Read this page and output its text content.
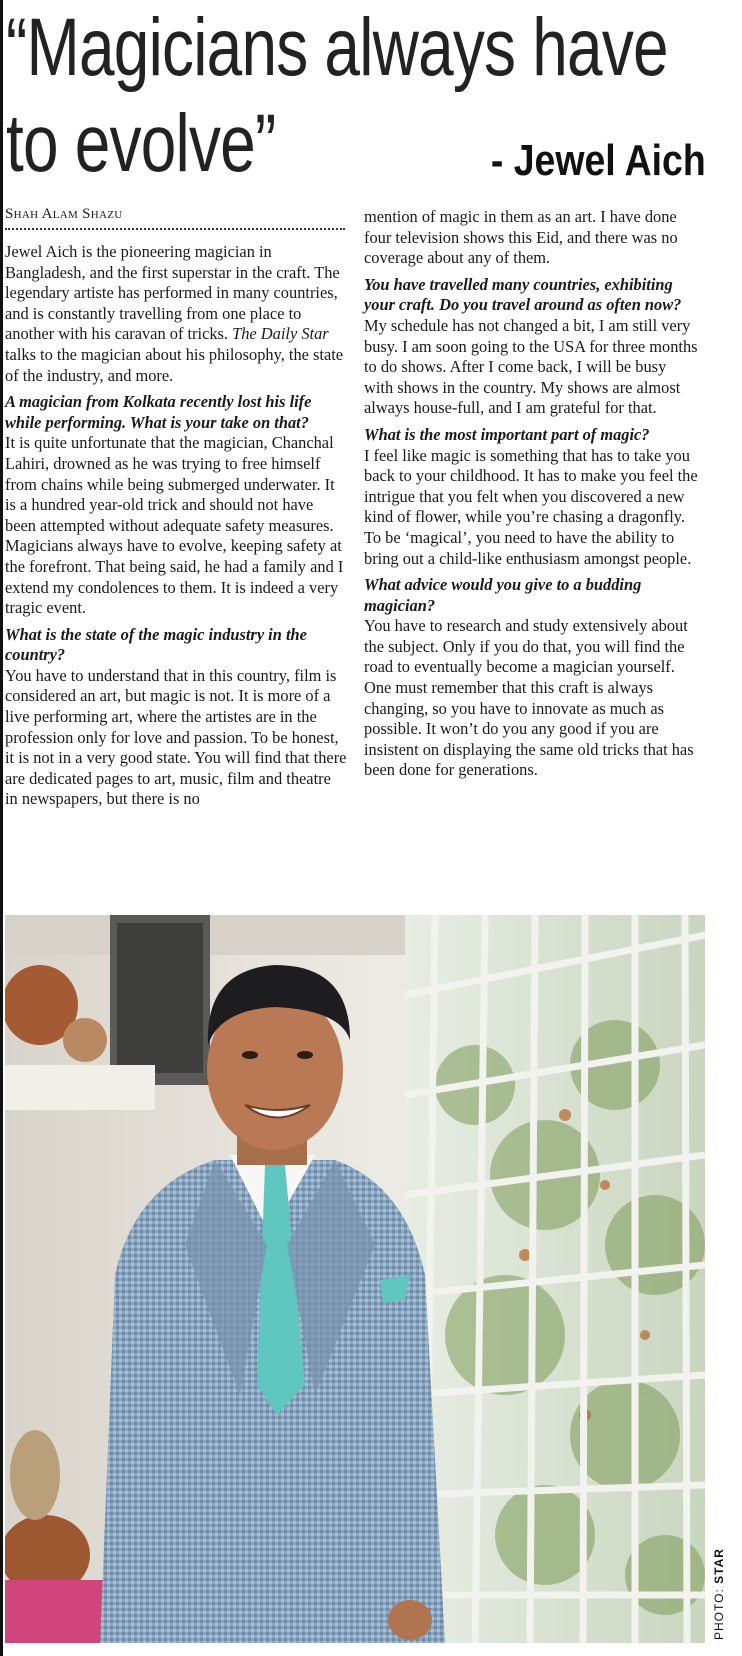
“Magicians always have
to evolve”	- Jewel Aich
Shah Alam Shazu

Jewel Aich is the pioneering magician in Bangladesh, and the first superstar in the craft. The legendary artiste has performed in many countries, and is constantly travelling from one place to another with his caravan of tricks. The Daily Star talks to the magician about his philosophy, the state of the industry, and more.

A magician from Kolkata recently lost his life while performing. What is your take on that?

It is quite unfortunate that the magician, Chanchal Lahiri, drowned as he was trying to free himself from chains while being submerged underwater. It is a hundred year-old trick and should not have been attempted without adequate safety measures. Magicians always have to evolve, keeping safety at the forefront. That being said, he had a family and I extend my condolences to them. It is indeed a very tragic event.

What is the state of the magic industry in the country?

You have to understand that in this country, film is considered an art, but magic is not. It is more of a live performing art, where the artistes are in the profession only for love and passion. To be honest, it is not in a very good state. You will find that there are dedicated pages to art, music, film and theatre in newspapers, but there is no

mention of magic in them as an art. I have done four television shows this Eid, and there was no coverage about any of them.

You have travelled many countries, exhibiting your craft. Do you travel around as often now?

My schedule has not changed a bit, I am still very busy. I am soon going to the USA for three months to do shows. After I come back, I will be busy with shows in the country. My shows are almost always house-full, and I am grateful for that.

What is the most important part of magic?

I feel like magic is something that has to take you back to your childhood. It has to make you feel the intrigue that you felt when you discovered a new kind of flower, while you’re chasing a dragonfly. To be ‘magical’, you need to have the ability to bring out a child-like enthusiasm amongst people.

What advice would you give to a budding magician?

You have to research and study extensively about the subject. Only if you do that, you will find the road to eventually become a magician yourself. One must remember that this craft is always changing, so you have to innovate as much as possible. It won’t do you any good if you are insistent on displaying the same old tricks that has been done for generations.

PHOTO: STAR
